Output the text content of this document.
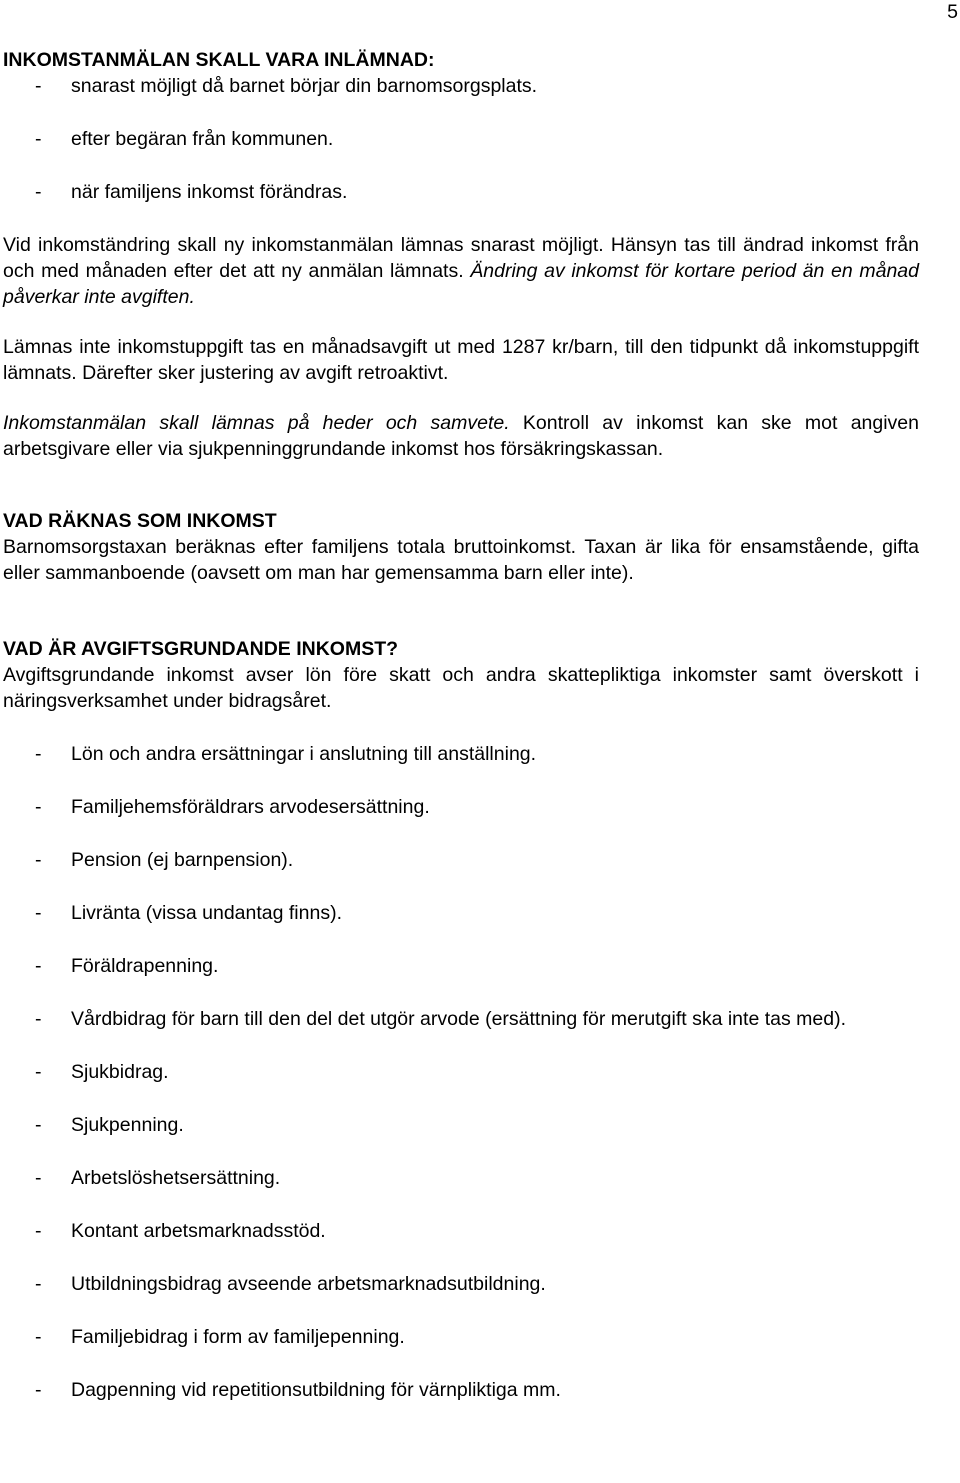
5

INKOMSTANMÄLAN SKALL VARA INLÄMNAD:

-	snarast möjligt då barnet börjar din barnomsorgsplats.
-	efter begäran från kommunen.
-	när familjens inkomst förändras.

Vid inkomständring skall ny inkomstanmälan lämnas snarast möjligt. Hänsyn tas till ändrad inkomst från och med månaden efter det att ny anmälan lämnats. Ändring av inkomst för kortare period än en månad påverkar inte avgiften.

Lämnas inte inkomstuppgift tas en månadsavgift ut med 1287 kr/barn, till den tidpunkt då inkomstuppgift lämnats. Därefter sker justering av avgift retroaktivt.

Inkomstanmälan skall lämnas på heder och samvete. Kontroll av inkomst kan ske mot angiven arbetsgivare eller via sjukpenninggrundande inkomst hos försäkringskassan.

VAD RÄKNAS SOM INKOMST

Barnomsorgstaxan beräknas efter familjens totala bruttoinkomst. Taxan är lika för ensamstående, gifta eller sammanboende (oavsett om man har gemensamma barn eller inte).

VAD ÄR AVGIFTSGRUNDANDE INKOMST?

Avgiftsgrundande inkomst avser lön före skatt och andra skattepliktiga inkomster samt överskott i näringsverksamhet under bidragsåret.

-	Lön och andra ersättningar i anslutning till anställning.
-	Familjehemsföräldrars arvodesersättning.
-	Pension (ej barnpension).
-	Livränta (vissa undantag finns).
-	Föräldrapenning.
-	Vårdbidrag för barn till den del det utgör arvode (ersättning för merutgift ska inte tas med).
-	Sjukbidrag.
-	Sjukpenning.
-	Arbetslöshetsersättning.
-	Kontant arbetsmarknadsstöd.
-	Utbildningsbidrag avseende arbetsmarknadsutbildning.
-	Familjebidrag i form av familjepenning.
-	Dagpenning vid repetitionsutbildning för värnpliktiga mm.
